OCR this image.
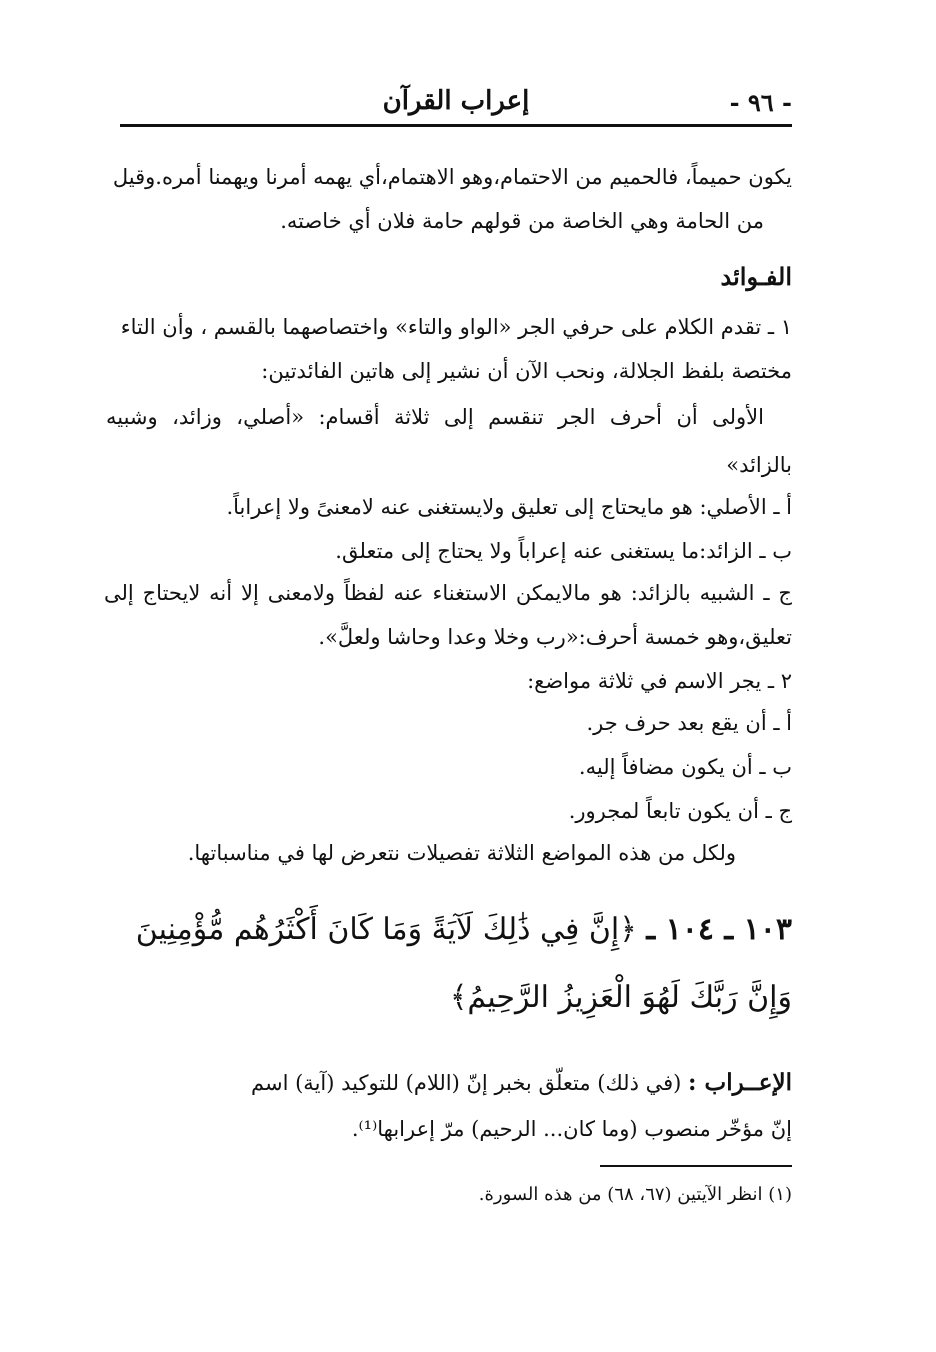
- ٩٦ -
إعراب القرآن
يكون حميماً، فالحميم من الاحتمام،وهو الاهتمام،أي يهمه أمرنا ويهمنا أمره.وقيل
من الحامة وهي الخاصة من قولهم حامة فلان أي خاصته.
الفـوائد
١ ـ تقدم الكلام على حرفي الجر «الواو والتاء» واختصاصهما بالقسم ، وأن التاء
مختصة بلفظ الجلالة، ونحب الآن أن نشير إلى هاتين الفائدتين:
الأولى أن أحرف الجر تنقسم إلى ثلاثة أقسام: «أصلي، وزائد، وشبيه
بالزائد»
أ ـ الأصلي: هو مايحتاج إلى تعليق ولايستغنى عنه لامعنىً ولا إعراباً.
ب ـ الزائد:ما يستغنى عنه إعراباً ولا يحتاج إلى متعلق.
ج ـ الشبيه بالزائد: هو مالايمكن الاستغناء عنه لفظاً ولامعنى إلا أنه لايحتاج إلى
تعليق،وهو خمسة أحرف:«رب وخلا وعدا وحاشا ولعلَّ».
٢ ـ يجر الاسم في ثلاثة مواضع:
أ ـ أن يقع بعد حرف جر.
ب ـ أن يكون مضافاً إليه.
ج ـ أن يكون تابعاً لمجرور.
ولكل من هذه المواضع الثلاثة تفصيلات نتعرض لها في مناسباتها.
١٠٣ ـ ١٠٤ ـ ﴿إِنَّ فِي ذَٰلِكَ لَآيَةً وَمَا كَانَ أَكْثَرُهُم مُّؤْمِنِينَ
وَإِنَّ رَبَّكَ لَهُوَ الْعَزِيزُ الرَّحِيمُ﴾
الإعــراب : (في ذلك) متعلّق بخبر إنّ (اللام) للتوكيد (آية) اسم
إنّ مؤخّر منصوب (وما كان... الرحيم) مرّ إعرابها⁽¹⁾.
(١) انظر الآيتين (٦٧، ٦٨) من هذه السورة.
